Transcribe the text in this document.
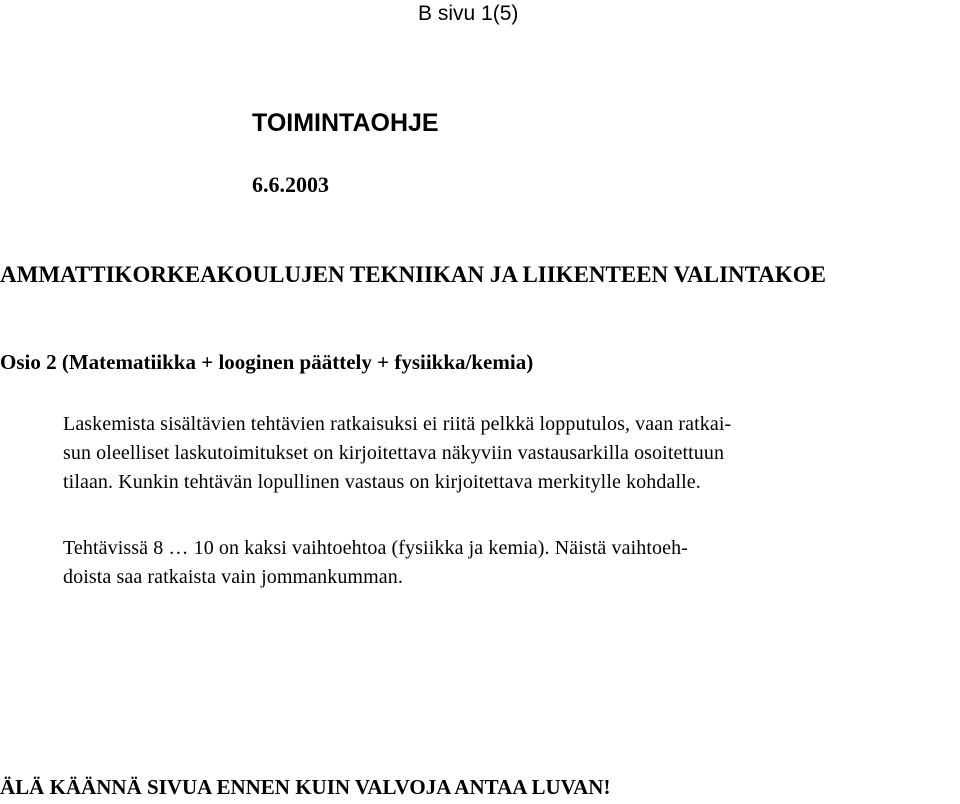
B sivu 1(5)
TOIMINTAOHJE
6.6.2003
AMMATTIKORKEAKOULUJEN TEKNIIKAN JA LIIKENTEEN VALINTAKOE
Osio 2 (Matematiikka + looginen päättely + fysiikka/kemia)
Laskemista sisältävien tehtävien ratkaisuksi ei riitä pelkkä lopputulos, vaan ratkai-
sun oleelliset laskutoimitukset on kirjoitettava näkyviin vastausarkilla osoitettuun
tilaan. Kunkin tehtävän lopullinen vastaus on kirjoitettava merkitylle kohdalle.
Tehtävissä 8 … 10 on kaksi vaihtoehtoa (fysiikka ja kemia). Näistä vaihtoeh-
doista saa ratkaista vain jommankumman.
ÄLÄ KÄÄNNÄ SIVUA ENNEN KUIN VALVOJA ANTAA LUVAN!
